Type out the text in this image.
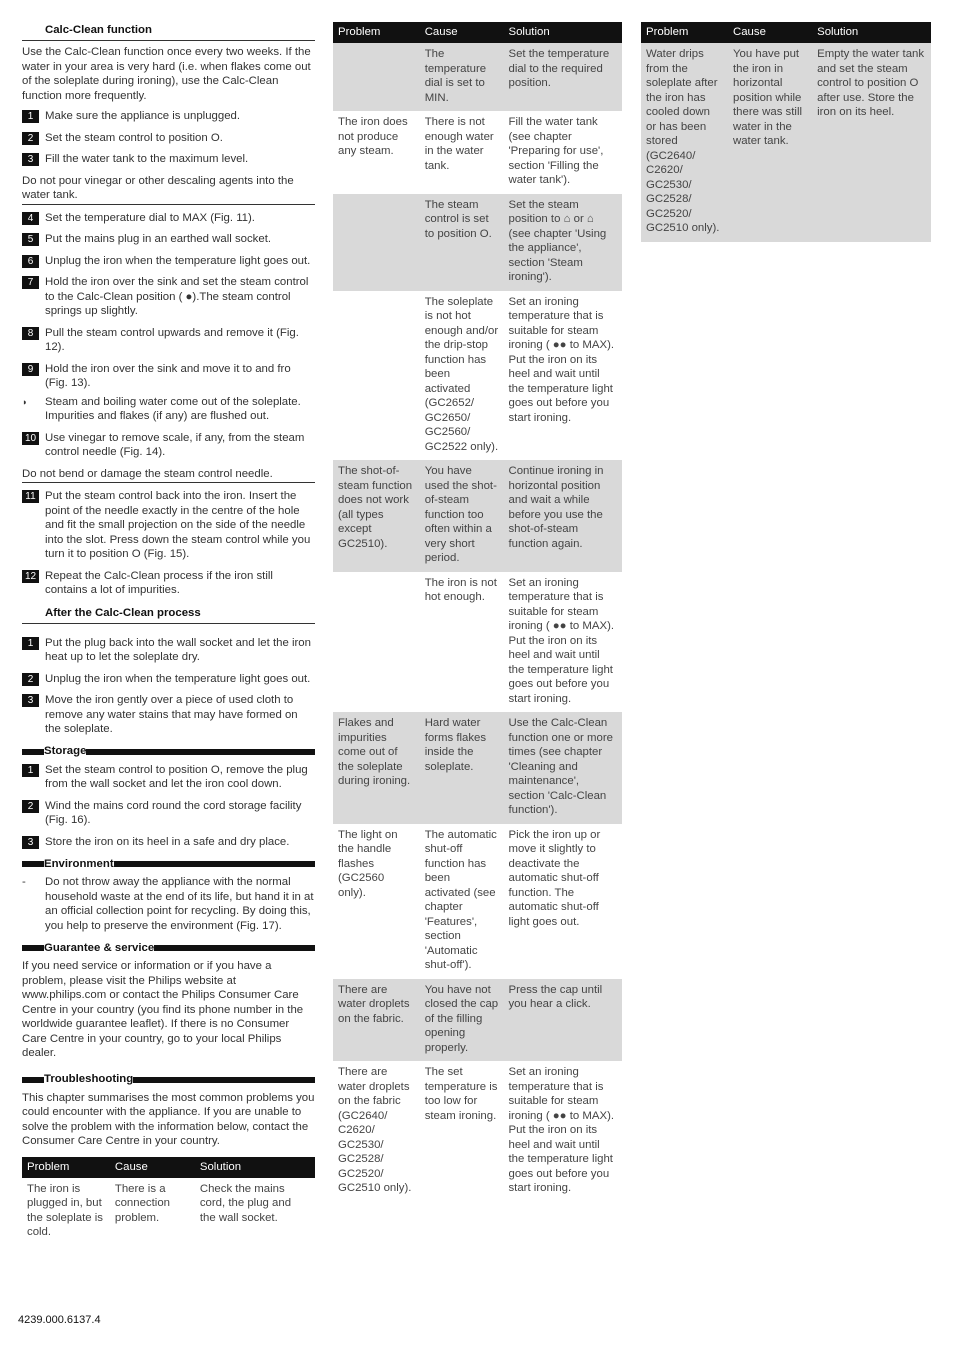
Calc-Clean function
Use the Calc-Clean function once every two weeks. If the water in your area is very hard (i.e. when flakes come out of the soleplate during ironing), use the Calc-Clean function more frequently.
1	Make sure the appliance is unplugged.
2	Set the steam control to position O.
3	Fill the water tank to the maximum level.
Do not pour vinegar or other descaling agents into the water tank.
4	Set the temperature dial to MAX (Fig. 11).
5	Put the mains plug in an earthed wall socket.
6	Unplug the iron when the temperature light goes out.
7	Hold the iron over the sink and set the steam control to the Calc-Clean position ( ●).The steam control springs up slightly.
8	Pull the steam control upwards and remove it (Fig. 12).
9	Hold the iron over the sink and move it to and fro (Fig. 13).
◗	Steam and boiling water come out of the soleplate. Impurities and flakes (if any) are flushed out.
10 Use vinegar to remove scale, if any, from the steam control needle (Fig. 14).
Do not bend or damage the steam control needle.
11 Put the steam control back into the iron. Insert the point of the needle exactly in the centre of the hole and fit the small projection on the side of the needle into the slot. Press down the steam control while you turn it to position O (Fig. 15).
12 Repeat the Calc-Clean process if the iron still contains a lot of impurities.
After the Calc-Clean process
1	Put the plug back into the wall socket and let the iron heat up to let the soleplate dry.
2	Unplug the iron when the temperature light goes out.
3	Move the iron gently over a piece of used cloth to remove any water stains that may have formed on the soleplate.
Storage
1	Set the steam control to position O, remove the plug from the wall socket and let the iron cool down.
2	Wind the mains cord round the cord storage facility (Fig. 16).
3	Store the iron on its heel in a safe and dry place.
Environment
-	Do not throw away the appliance with the normal household waste at the end of its life, but hand it in at an official collection point for recycling. By doing this, you help to preserve the environment (Fig. 17).
Guarantee & service
If you need service or information or if you have a problem, please visit the Philips website at www.philips.com or contact the Philips Consumer Care Centre in your country (you find its phone number in the worldwide guarantee leaflet). If there is no Consumer Care Centre in your country, go to your local Philips dealer.
Troubleshooting
This chapter summarises the most common problems you could encounter with the appliance. If you are unable to solve the problem with the information below, contact the Consumer Care Centre in your country.
Problem	Cause	Solution
The iron is plugged in, but the soleplate is cold.	There is a connection problem.	Check the mains cord, the plug and the wall socket.
Problem	Cause	Solution
	The temperature dial is set to MIN.	Set the temperature dial to the required position.
The iron does not produce any steam.	There is not enough water in the water tank.	Fill the water tank (see chapter 'Preparing for use', section 'Filling the water tank').
	The steam control is set to position O.	Set the steam position to ⌂ or ⌂ (see chapter 'Using the appliance', section 'Steam ironing').
	The soleplate is not hot enough and/or the drip-stop function has been activated (GC2652/ GC2650/ GC2560/ GC2522 only).	Set an ironing temperature that is suitable for steam ironing ( ●● to MAX). Put the iron on its heel and wait until the temperature light goes out before you start ironing.
The shot-of- steam function does not work (all types except GC2510).	You have used the shot-of-steam function too often within a very short period.	Continue ironing in horizontal position and wait a while before you use the shot-of-steam function again.
	The iron is not hot enough.	Set an ironing temperature that is suitable for steam ironing ( ●● to MAX). Put the iron on its heel and wait until the temperature light goes out before you start ironing.
Flakes and impurities come out of the soleplate during ironing.	Hard water forms flakes inside the soleplate.	Use the Calc-Clean function one or more times (see chapter 'Cleaning and maintenance', section 'Calc-Clean function').
The light on the handle flashes (GC2560 only).	The automatic shut-off function has been activated (see chapter 'Features', section 'Automatic shut-off').	Pick the iron up or move it slightly to deactivate the automatic shut-off function. The automatic shut-off light goes out.
There are water droplets on the fabric.	You have not closed the cap of the filling opening properly.	Press the cap until you hear a click.
There are water droplets on the fabric (GC2640/ C2620/ GC2530/ GC2528/ GC2520/ GC2510 only).	The set temperature is too low for steam ironing.	Set an ironing temperature that is suitable for steam ironing ( ●● to MAX). Put the iron on its heel and wait until the temperature light goes out before you start ironing.
Problem	Cause	Solution
Water drips from the soleplate after the iron has cooled down or has been stored (GC2640/ C2620/ GC2530/ GC2528/ GC2520/ GC2510 only).	You have put the iron in horizontal position while there was still water in the water tank.	Empty the water tank and set the steam control to position O after use. Store the iron on its heel.
4239.000.6137.4
